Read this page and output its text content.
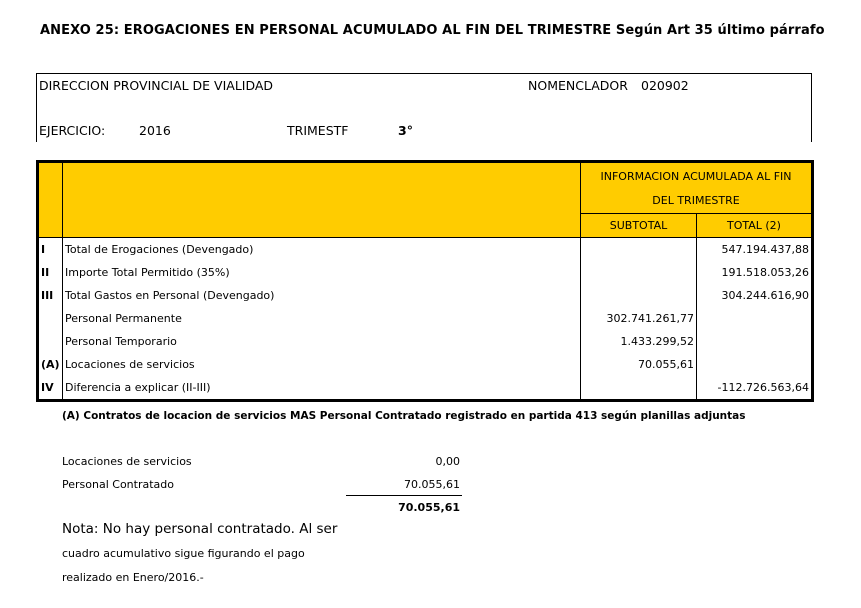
ANEXO 25: EROGACIONES EN PERSONAL ACUMULADO AL FIN DEL TRIMESTRE Según Art 35 último párrafo
DIRECCION PROVINCIAL DE VIALIDAD	NOMENCLADOR 020902
EJERCICIO:	2016	TRIMESTF	3°

		INFORMACION ACUMULADA AL FIN
DEL TRIMESTRE	

		SUBTOTAL	TOTAL (2)
I	Total de Erogaciones (Devengado)		547.194.437,88
II	Importe Total Permitido (35%)		191.518.053,26
III	Total Gastos en Personal (Devengado)		304.244.616,90
	Personal Permanente	302.741.261,77	
	Personal Temporario	1.433.299,52	
(A)	Locaciones de servicios	70.055,61	
IV	Diferencia a explicar (II-III)		-112.726.563,64
(A) Contratos de locacion de servicios MAS Personal Contratado registrado en partida 413 según planillas adjuntas
Locaciones de servicios	0,00
Personal Contratado	70.055,61
70.055,61
Nota: No hay personal contratado. Al ser
cuadro acumulativo sigue figurando el pago
realizado en Enero/2016.-
